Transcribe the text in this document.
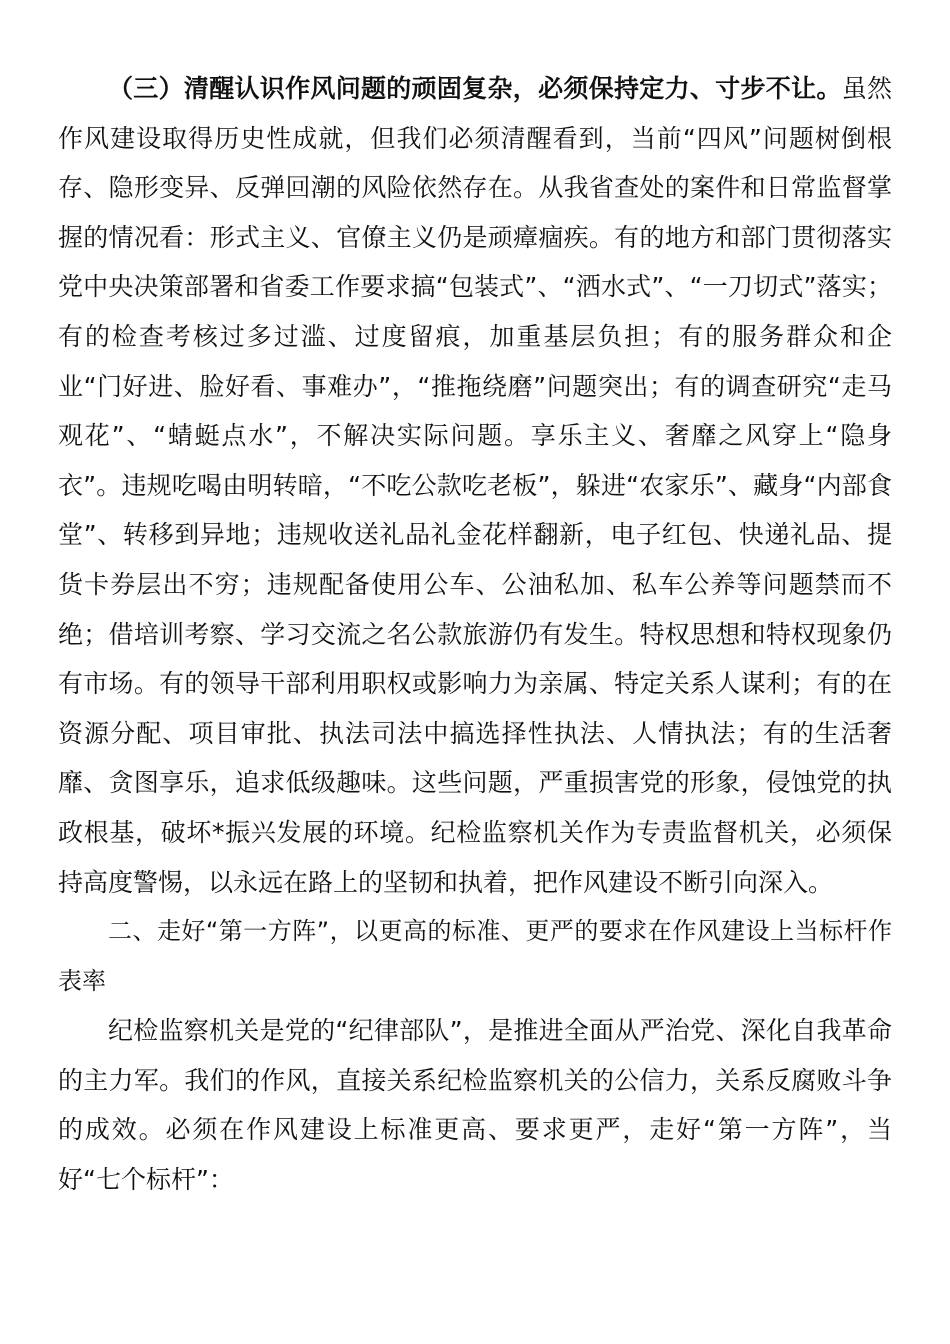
（三）清醒认识作风问题的顽固复杂，必须保持定力、寸步不让。虽然作风建设取得历史性成就，但我们必须清醒看到，当前“四风”问题树倒根存、隐形变异、反弹回潮的风险依然存在。从我省查处的案件和日常监督掌握的情况看：形式主义、官僚主义仍是顽瘴痼疾。有的地方和部门贯彻落实党中央决策部署和省委工作要求搞“包装式”、“洒水式”、“一刀切式”落实；有的检查考核过多过滥、过度留痕，加重基层负担；有的服务群众和企业“门好进、脸好看、事难办”，“推拖绕磨”问题突出；有的调查研究“走马观花”、“蜻蜓点水”，不解决实际问题。享乐主义、奢靡之风穿上“隐身衣”。违规吃喝由明转暗，“不吃公款吃老板”，躲进“农家乐”、藏身“内部食堂”、转移到异地；违规收送礼品礼金花样翻新，电子红包、快递礼品、提货卡券层出不穷；违规配备使用公车、公油私加、私车公养等问题禁而不绝；借培训考察、学习交流之名公款旅游仍有发生。特权思想和特权现象仍有市场。有的领导干部利用职权或影响力为亲属、特定关系人谋利；有的在资源分配、项目审批、执法司法中搞选择性执法、人情执法；有的生活奢靡、贪图享乐，追求低级趣味。这些问题，严重损害党的形象，侵蚀党的执政根基，破坏*振兴发展的环境。纪检监察机关作为专责监督机关，必须保持高度警惕，以永远在路上的坚韧和执着，把作风建设不断引向深入。

二、走好“第一方阵”，以更高的标准、更严的要求在作风建设上当标杆作表率

纪检监察机关是党的“纪律部队”，是推进全面从严治党、深化自我革命的主力军。我们的作风，直接关系纪检监察机关的公信力，关系反腐败斗争的成效。必须在作风建设上标准更高、要求更严，走好“第一方阵”，当好“七个标杆”：
